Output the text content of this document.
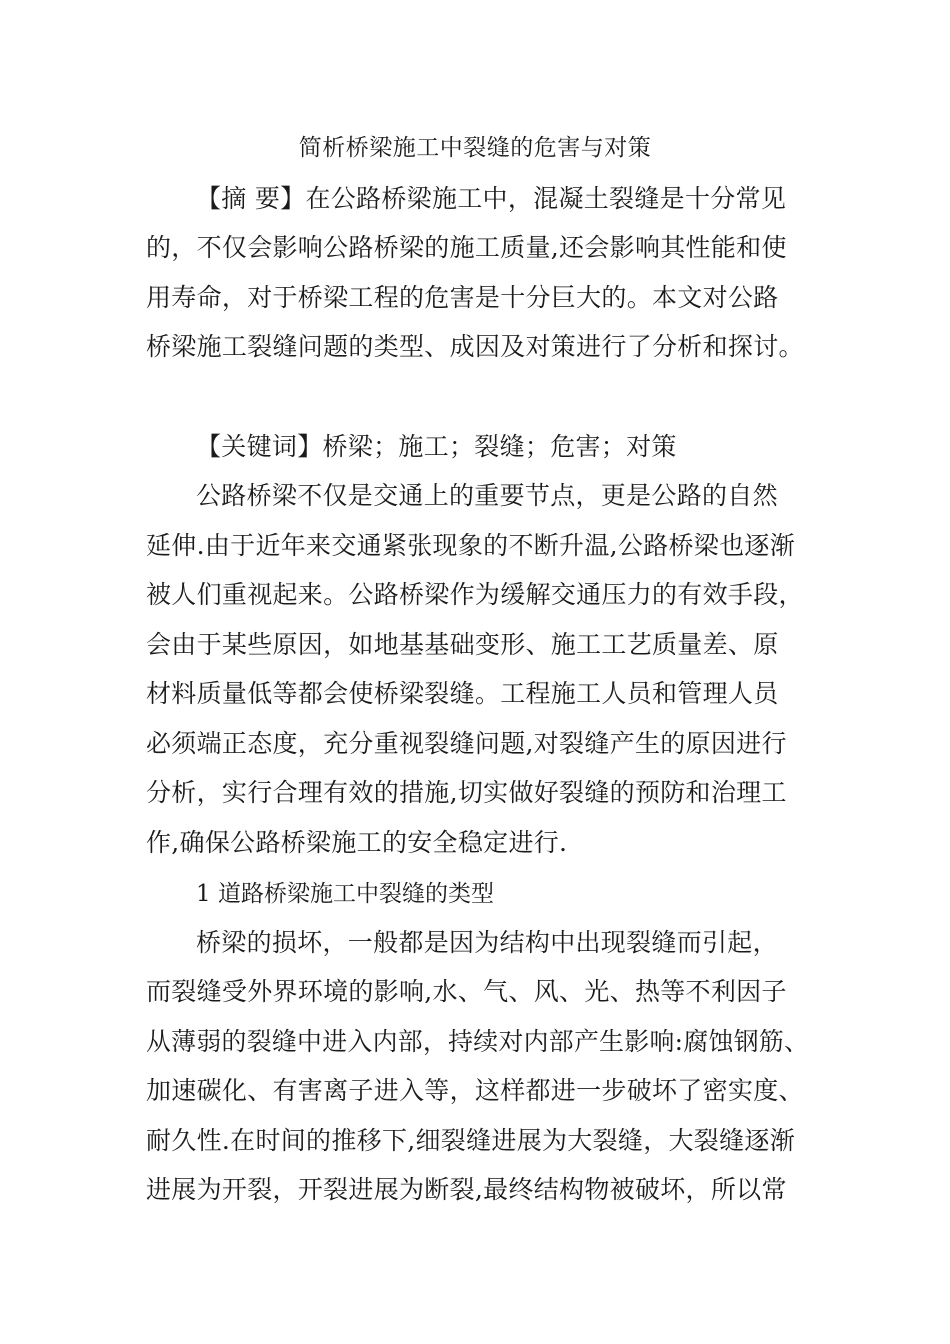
简析桥梁施工中裂缝的危害与对策
【摘 要】在公路桥梁施工中，混凝土裂缝是十分常见
的，不仅会影响公路桥梁的施工质量,还会影响其性能和使
用寿命，对于桥梁工程的危害是十分巨大的。本文对公路
桥梁施工裂缝问题的类型、成因及对策进行了分析和探讨。
【关键词】桥梁；施工；裂缝；危害；对策
公路桥梁不仅是交通上的重要节点，更是公路的自然
延伸.由于近年来交通紧张现象的不断升温,公路桥梁也逐渐
被人们重视起来。公路桥梁作为缓解交通压力的有效手段，
会由于某些原因，如地基基础变形、施工工艺质量差、原
材料质量低等都会使桥梁裂缝。工程施工人员和管理人员
必须端正态度，充分重视裂缝问题,对裂缝产生的原因进行
分析，实行合理有效的措施,切实做好裂缝的预防和治理工
作,确保公路桥梁施工的安全稳定进行.
1 道路桥梁施工中裂缝的类型
桥梁的损坏，一般都是因为结构中出现裂缝而引起，
而裂缝受外界环境的影响,水、气、风、光、热等不利因子
从薄弱的裂缝中进入内部，持续对内部产生影响:腐蚀钢筋、
加速碳化、有害离子进入等，这样都进一步破坏了密实度、
耐久性.在时间的推移下,细裂缝进展为大裂缝，大裂缝逐渐
进展为开裂，开裂进展为断裂,最终结构物被破坏，所以常
